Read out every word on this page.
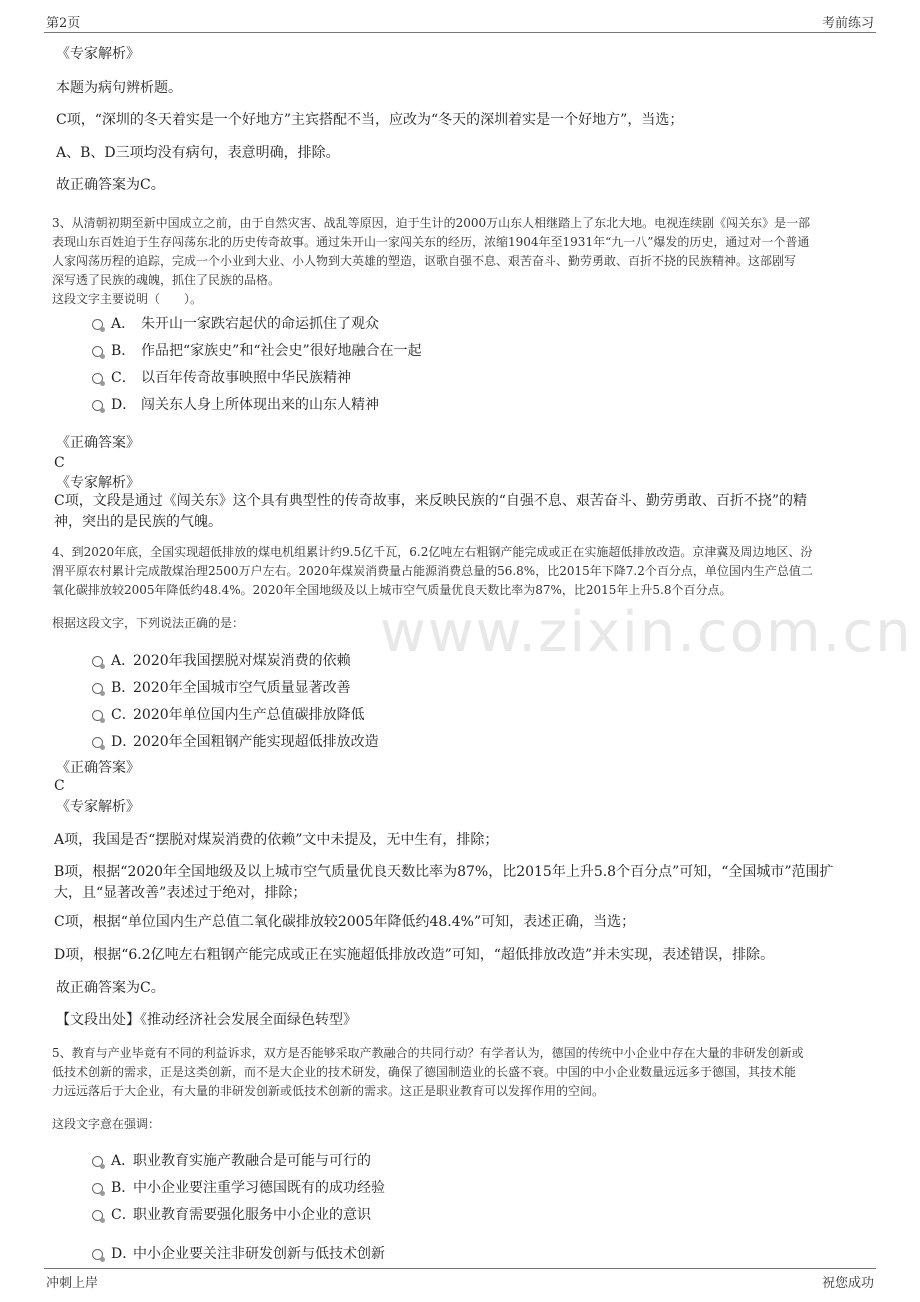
第2页	考前练习
www.zixin.com.cn
《专家解析》
本题为病句辨析题。
C项，“深圳的冬天着实是一个好地方”主宾搭配不当，应改为“冬天的深圳着实是一个好地方”，当选；
A、B、D三项均没有病句，表意明确，排除。
故正确答案为C。
3、从清朝初期至新中国成立之前，由于自然灾害、战乱等原因，迫于生计的2000万山东人相继踏上了东北大地。电视连续剧《闯关东》是一部
表现山东百姓迫于生存闯荡东北的历史传奇故事。通过朱开山一家闯关东的经历，浓缩1904年至1931年“九一八”爆发的历史，通过对一个普通
人家闯荡历程的追踪，完成一个小业到大业、小人物到大英雄的塑造，讴歌自强不息、艰苦奋斗、勤劳勇敢、百折不挠的民族精神。这部剧写
深写透了民族的魂魄，抓住了民族的品格。
这段文字主要说明（　　）。
A． 朱开山一家跌宕起伏的命运抓住了观众
B． 作品把“家族史”和“社会史”很好地融合在一起
C． 以百年传奇故事映照中华民族精神
D． 闯关东人身上所体现出来的山东人精神
《正确答案》
C
《专家解析》
C项，文段是通过《闯关东》这个具有典型性的传奇故事，来反映民族的“自强不息、艰苦奋斗、勤劳勇敢、百折不挠”的精
神，突出的是民族的气魄。
4、到2020年底，全国实现超低排放的煤电机组累计约9.5亿千瓦，6.2亿吨左右粗钢产能完成或正在实施超低排放改造。京津冀及周边地区、汾
渭平原农村累计完成散煤治理2500万户左右。2020年煤炭消费量占能源消费总量的56.8%，比2015年下降7.2个百分点，单位国内生产总值二
氧化碳排放较2005年降低约48.4%。2020年全国地级及以上城市空气质量优良天数比率为87%，比2015年上升5.8个百分点。
根据这段文字，下列说法正确的是：
A．
2020年我国摆脱对煤炭消费的依赖
B．
2020年全国城市空气质量显著改善
C．
2020年单位国内生产总值碳排放降低
D．
2020年全国粗钢产能实现超低排放改造
《正确答案》
C
《专家解析》
A项，我国是否“摆脱对煤炭消费的依赖”文中未提及，无中生有，排除；
B项，根据“2020年全国地级及以上城市空气质量优良天数比率为87%，比2015年上升5.8个百分点”可知，“全国城市”范围扩
大，且“显著改善”表述过于绝对，排除；
C项，根据“单位国内生产总值二氧化碳排放较2005年降低约48.4%”可知，表述正确，当选；
D项，根据“6.2亿吨左右粗钢产能完成或正在实施超低排放改造”可知，“超低排放改造”并未实现，表述错误，排除。
故正确答案为C。
【文段出处】《推动经济社会发展全面绿色转型》
5、教育与产业毕竟有不同的利益诉求，双方是否能够采取产教融合的共同行动？有学者认为，德国的传统中小企业中存在大量的非研发创新或
低技术创新的需求，正是这类创新，而不是大企业的技术研发，确保了德国制造业的长盛不衰。中国的中小企业数量远远多于德国，其技术能
力远远落后于大企业，有大量的非研发创新或低技术创新的需求。这正是职业教育可以发挥作用的空间。
这段文字意在强调：
A．
职业教育实施产教融合是可能与可行的
B．
中小企业要注重学习德国既有的成功经验
C．
职业教育需要强化服务中小企业的意识
D．
中小企业要关注非研发创新与低技术创新
冲刺上岸	祝您成功
